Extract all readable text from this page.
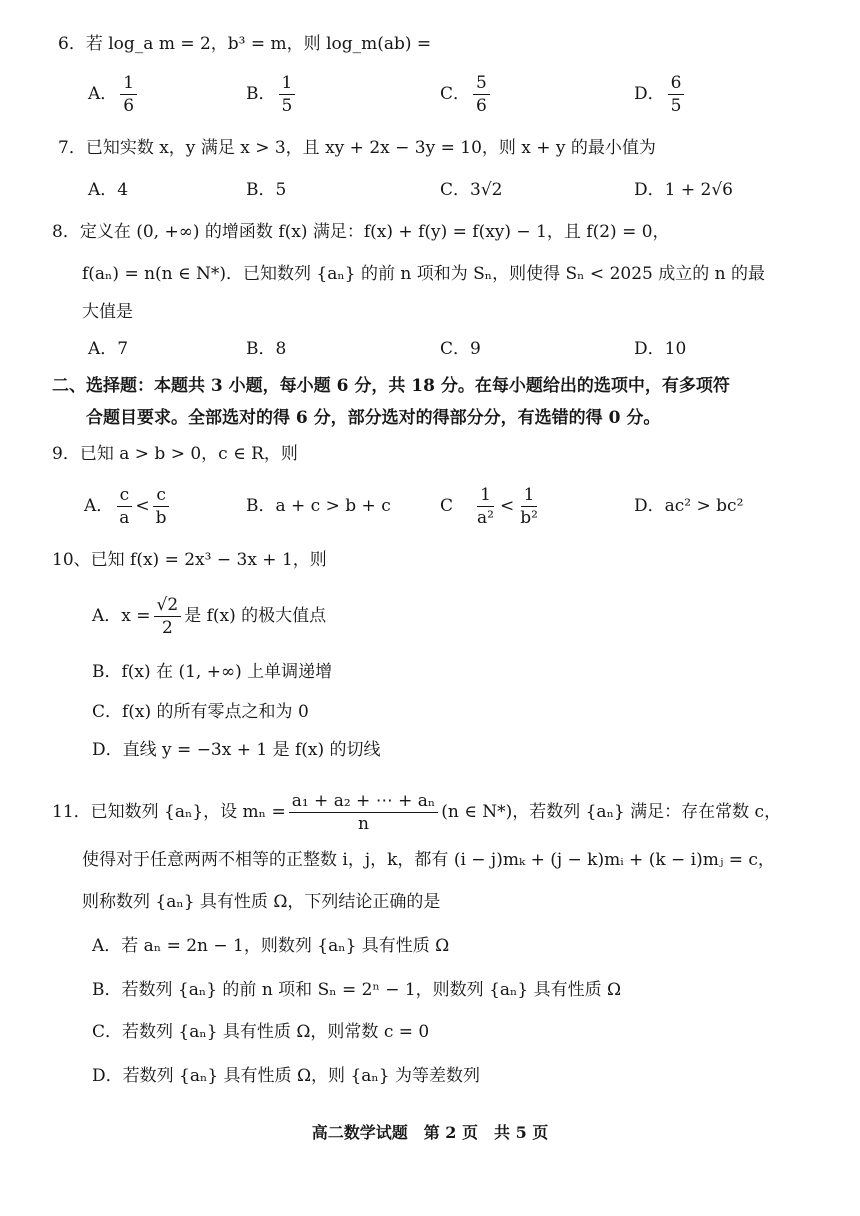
6．若 log_a m = 2，b³ = m，则 log_m(ab) =
A． $\frac{1}{6}$	B． $\frac{1}{5}$	C． $\frac{5}{6}$	D． $\frac{6}{5}$
7．已知实数 x，y 满足 x > 3，且 xy + 2x − 3y = 10，则 x + y 的最小值为
A．4	B．5	C．3√2	D．1 + 2√6
8．定义在 (0, +∞) 的增函数 f(x) 满足：f(x) + f(y) = f(xy) − 1，且 f(2) = 0，
f(aₙ) = n(n ∈ N*)．已知数列 {aₙ} 的前 n 项和为 Sₙ，则使得 Sₙ < 2025 成立的 n 的最
大值是
A．7	B．8	C．9	D．10
二、选择题：本题共 3 小题，每小题 6 分，共 18 分。在每小题给出的选项中，有多项符
合题目要求。全部选对的得 6 分，部分选对的得部分分，有选错的得 0 分。
9．已知 a > b > 0，c ∈ R，则
A． $\frac{c}{a} < \frac{c}{b}$	B．a + c > b + c	C $\frac{1}{\text{a²}} < \frac{1}{\text{b²}}$	D．ac² > bc²
10、已知 f(x) = 2x³ − 3x + 1，则
A．$x = \frac{√2}{2}$ 是 f(x) 的极大值点
B．f(x) 在 (1, +∞) 上单调递增
C．f(x) 的所有零点之和为 0
D．直线 y = −3x + 1 是 f(x) 的切线
11．已知数列 {aₙ}，设 $m_n = \frac{\text{a₁ + a₂ + ⋯ + aₙ}}{n} (n$ ∈ N*)，若数列 {aₙ} 满足：存在常数 c，
使得对于任意两两不相等的正整数 i，j，k，都有 (i − j)mₖ + (j − k)mᵢ + (k − i)mⱼ = c，
则称数列 {aₙ} 具有性质 Ω，下列结论正确的是
A．若 aₙ = 2n − 1，则数列 {aₙ} 具有性质 Ω
B．若数列 {aₙ} 的前 n 项和 Sₙ = 2ⁿ − 1，则数列 {aₙ} 具有性质 Ω
C．若数列 {aₙ} 具有性质 Ω，则常数 c = 0
D．若数列 {aₙ} 具有性质 Ω，则 {aₙ} 为等差数列
高二数学试题　第 2 页　共 5 页
